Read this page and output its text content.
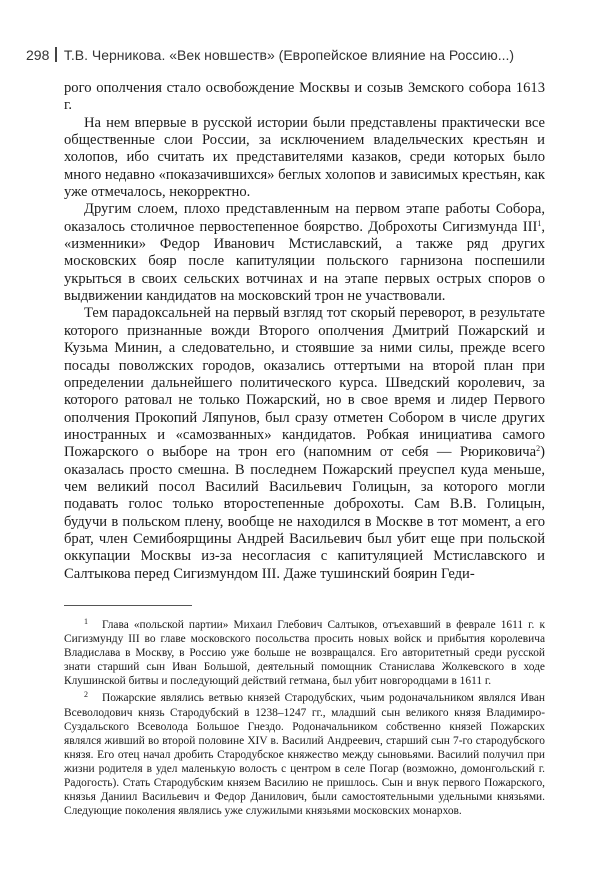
298 Т.В. Черникова. «Век новшеств» (Европейское влияние на Россию...)

рого ополчения стало освобождение Москвы и созыв Земского собора 1613 г.

На нем впервые в русской истории были представлены практически все общественные слои России, за исключением владельческих крестьян и холопов, ибо считать их представителями казаков, среди которых было много недавно «показачившихся» беглых холопов и зависимых крестьян, как уже отмечалось, некорректно.

Другим слоем, плохо представленным на первом этапе работы Собора, оказалось столичное первостепенное боярство. Доброхоты Сигизмунда III$^1$, «изменники» Федор Иванович Мстиславский, а также ряд других московских бояр после капитуляции польского гарнизона поспешили укрыться в своих сельских вотчинах и на этапе первых острых споров о выдвижении кандидатов на московский трон не участвовали.

Тем парадоксальней на первый взгляд тот скорый переворот, в результате которого признанные вожди Второго ополчения Дмитрий Пожарский и Кузьма Минин, а следовательно, и стоявшие за ними силы, прежде всего посады поволжских городов, оказались оттертыми на второй план при определении дальнейшего политического курса. Шведский королевич, за которого ратовал не только Пожарский, но в свое время и лидер Первого ополчения Прокопий Ляпунов, был сразу отметен Собором в числе других иностранных и «самозванных» кандидатов. Робкая инициатива самого Пожарского о выборе на трон его (напомним от себя — Рюриковича$^2$) оказалась просто смешна. В последнем Пожарский преуспел куда меньше, чем великий посол Василий Васильевич Голицын, за которого могли подавать голос только второстепенные доброхоты. Сам В.В. Голицын, будучи в польском плену, вообще не находился в Москве в тот момент, а его брат, член Семибоярщины Андрей Васильевич был убит еще при польской оккупации Москвы из-за несогласия с капитуляцией Мстиславского и Салтыкова перед Сигизмундом III. Даже тушинский боярин Геди-

$^1$ Глава «польской партии» Михаил Глебович Салтыков, отъехавший в феврале 1611 г. к Сигизмунду III во главе московского посольства просить новых войск и прибытия королевича Владислава в Москву, в Россию уже больше не возвращался. Его авторитетный среди русской знати старший сын Иван Большой, деятельный помощник Станислава Жолкевского в ходе Клушинской битвы и последующий действий гетмана, был убит новгородцами в 1611 г.

$^2$ Пожарские являлись ветвью князей Стародубских, чьим родоначальником являлся Иван Всеволодович князь Стародубский в 1238–1247 гг., младший сын великого князя Владимиро-Суздальского Всеволода Большое Гнездо. Родоначальником собственно князей Пожарских являлся живший во второй половине XIV в. Василий Андреевич, старший сын 7-го стародубского князя. Его отец начал дробить Стародубское княжество между сыновьями. Василий получил при жизни родителя в удел маленькую волость с центром в селе Погар (возможно, домонгольский г. Радогость). Стать Стародубским князем Василию не пришлось. Сын и внук первого Пожарского, князья Даниил Васильевич и Федор Данилович, были самостоятельными удельными князьями. Следующие поколения являлись уже служилыми князьями московских монархов.
